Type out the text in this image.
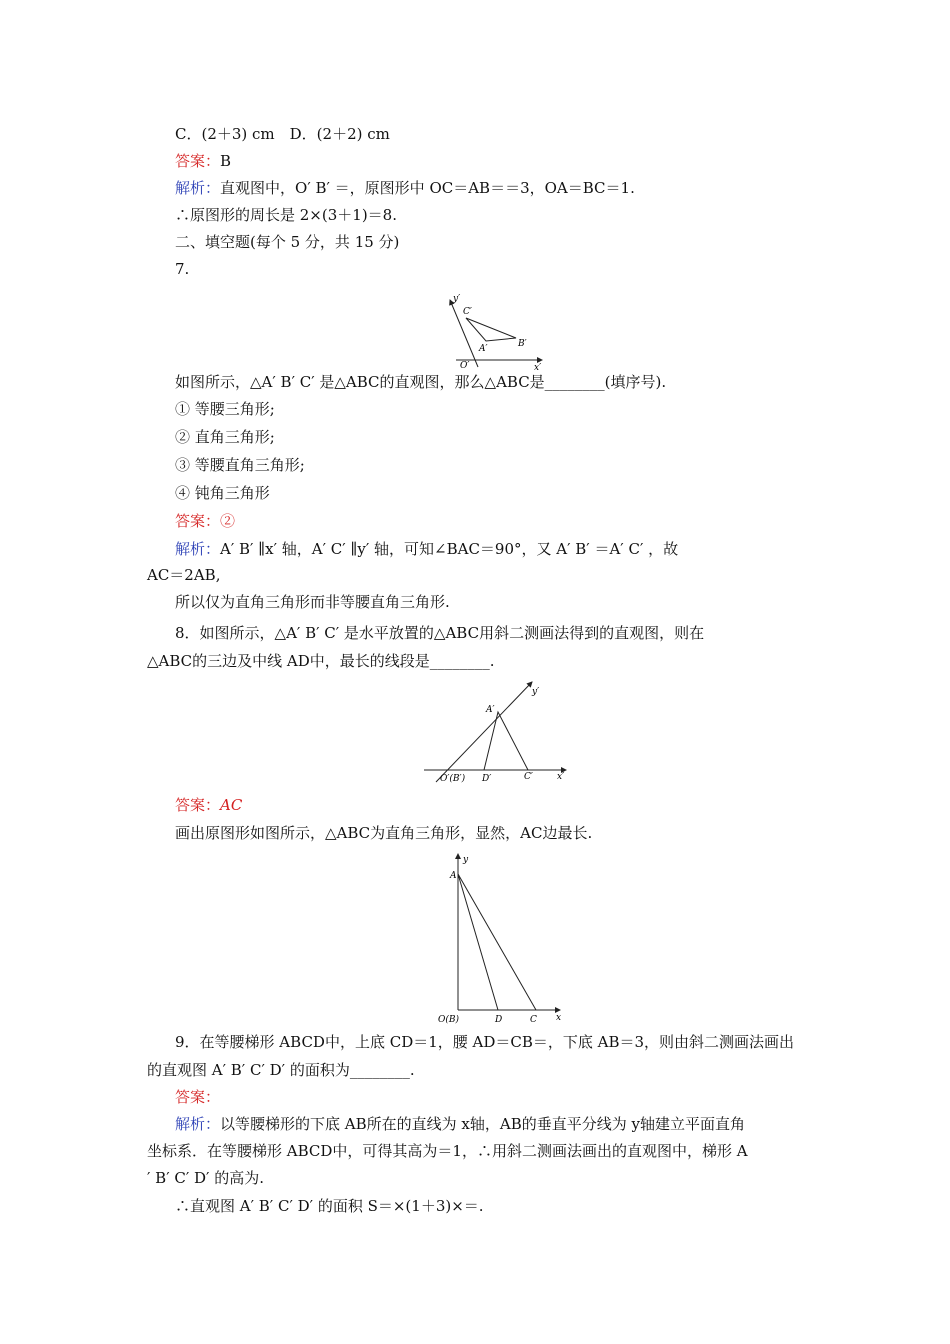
C．(2＋3) cm　D．(2＋2) cm
答案：B
解析：直观图中，O′ B′ ＝，原图形中 OC＝AB＝＝3，OA＝BC＝1.
∴原图形的周长是 2×(3＋1)＝8.
二、填空题(每个 5 分，共 15 分)
7.
y′
C′
A′	B′
O′	x′
如图所示，△A′ B′ C′ 是△ABC的直观图，那么△ABC是________(填序号).
① 等腰三角形;
② 直角三角形;
③ 等腰直角三角形;
④ 钝角三角形
答案：②
解析：A′ B′ ∥x′ 轴，A′ C′ ∥y′ 轴，可知∠BAC＝90°，又 A′ B′ ＝A′ C′ ，故
AC＝2AB,
所以仅为直角三角形而非等腰直角三角形.
8．如图所示，△A′ B′ C′ 是水平放置的△ABC用斜二测画法得到的直观图，则在
△ABC的三边及中线 AD中，最长的线段是________.
y′
A′
O′(B′) D′	C′	x′
答案：AC
画出原图形如图所示，△ABC为直角三角形，显然，AC边最长.
y
A
O(B)	D	C x
9．在等腰梯形 ABCD中，上底 CD＝1，腰 AD＝CB＝，下底 AB＝3，则由斜二测画法画出
的直观图 A′ B′ C′ D′ 的面积为________.
答案：
解析：以等腰梯形的下底 AB所在的直线为 x轴，AB的垂直平分线为 y轴建立平面直角
坐标系．在等腰梯形 ABCD中，可得其高为＝1，∴用斜二测画法画出的直观图中，梯形 A
′ B′ C′ D′ 的高为.
∴直观图 A′ B′ C′ D′ 的面积 S＝×(1＋3)×＝.
